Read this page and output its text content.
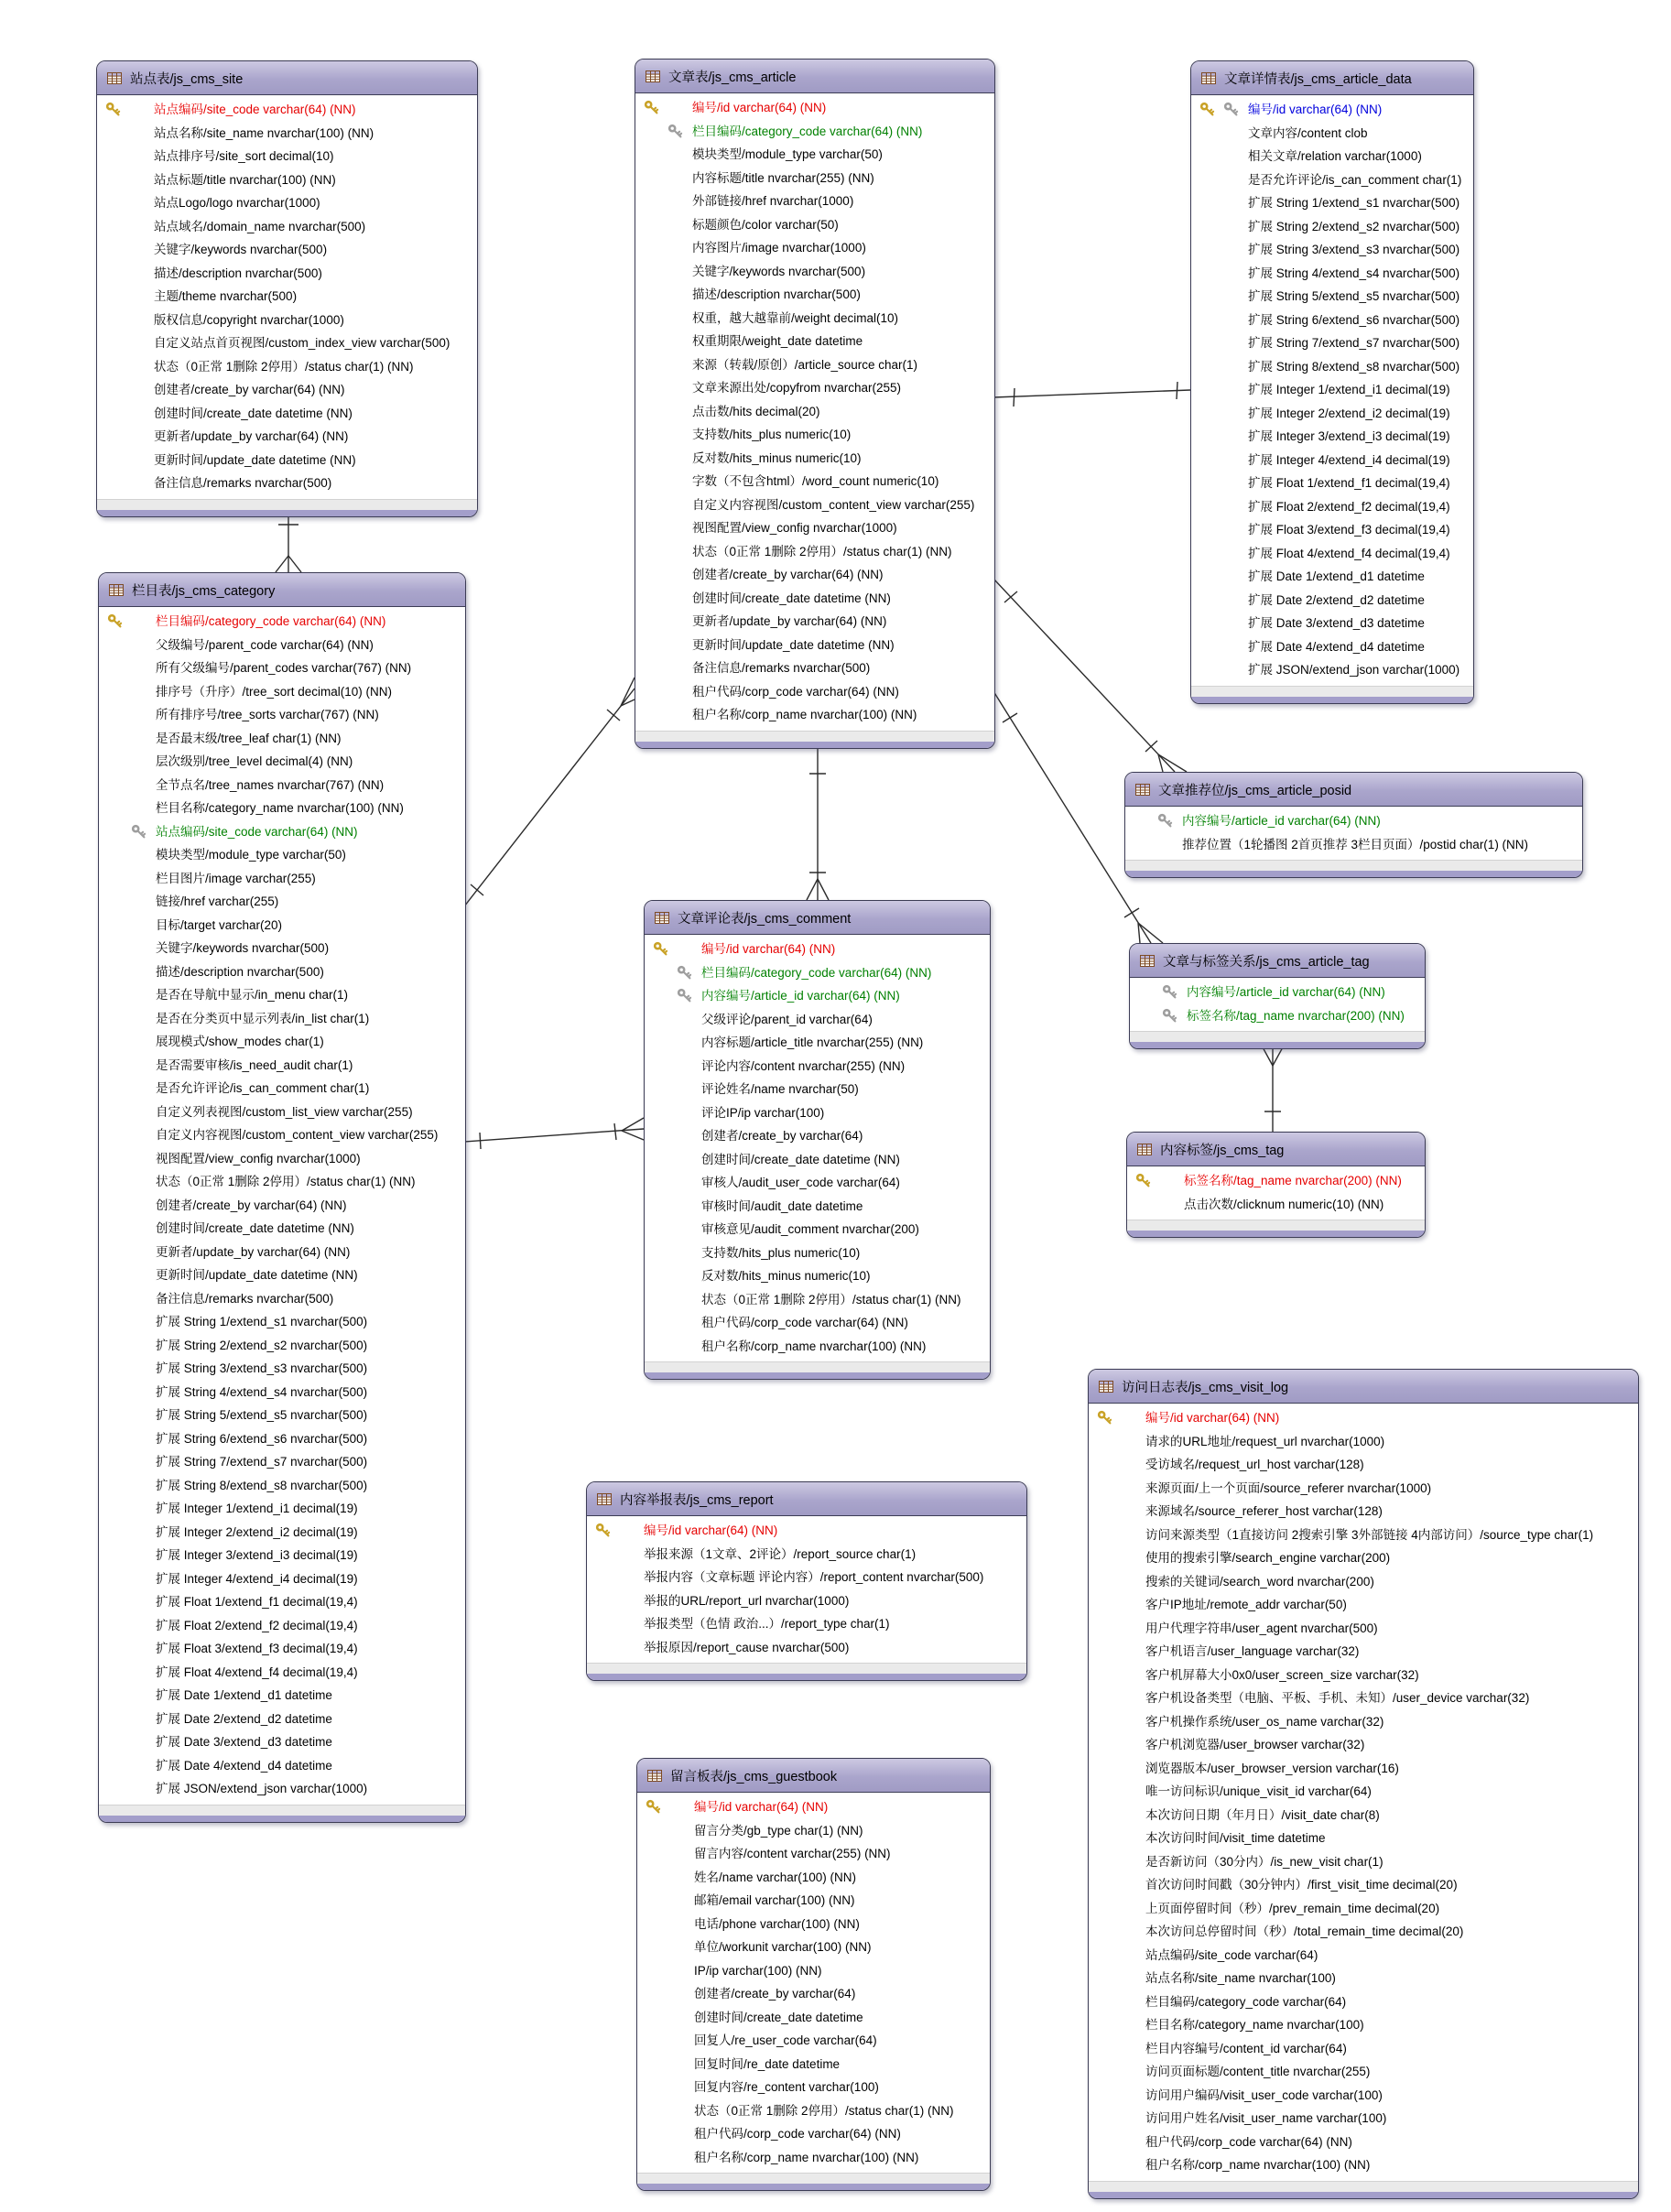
站点表/js_cms_site
站点编码/site_code varchar(64) (NN)
站点名称/site_name nvarchar(100) (NN)
站点排序号/site_sort decimal(10)
站点标题/title nvarchar(100) (NN)
站点Logo/logo nvarchar(1000)
站点域名/domain_name nvarchar(500)
关键字/keywords nvarchar(500)
描述/description nvarchar(500)
主题/theme nvarchar(500)
版权信息/copyright nvarchar(1000)
自定义站点首页视图/custom_index_view varchar(500)
状态（0正常 1删除 2停用）/status char(1) (NN)
创建者/create_by varchar(64) (NN)
创建时间/create_date datetime (NN)
更新者/update_by varchar(64) (NN)
更新时间/update_date datetime (NN)
备注信息/remarks nvarchar(500)
文章表/js_cms_article
编号/id varchar(64) (NN)
栏目编码/category_code varchar(64) (NN)
模块类型/module_type varchar(50)
内容标题/title nvarchar(255) (NN)
外部链接/href nvarchar(1000)
标题颜色/color varchar(50)
内容图片/image nvarchar(1000)
关键字/keywords nvarchar(500)
描述/description nvarchar(500)
权重，越大越靠前/weight decimal(10)
权重期限/weight_date datetime
来源（转载/原创）/article_source char(1)
文章来源出处/copyfrom nvarchar(255)
点击数/hits decimal(20)
支持数/hits_plus numeric(10)
反对数/hits_minus numeric(10)
字数（不包含html）/word_count numeric(10)
自定义内容视图/custom_content_view varchar(255)
视图配置/view_config nvarchar(1000)
状态（0正常 1删除 2停用）/status char(1) (NN)
创建者/create_by varchar(64) (NN)
创建时间/create_date datetime (NN)
更新者/update_by varchar(64) (NN)
更新时间/update_date datetime (NN)
备注信息/remarks nvarchar(500)
租户代码/corp_code varchar(64) (NN)
租户名称/corp_name nvarchar(100) (NN)
文章详情表/js_cms_article_data
编号/id varchar(64) (NN)
文章内容/content clob
相关文章/relation varchar(1000)
是否允许评论/is_can_comment char(1)
扩展 String 1/extend_s1 nvarchar(500)
扩展 String 2/extend_s2 nvarchar(500)
扩展 String 3/extend_s3 nvarchar(500)
扩展 String 4/extend_s4 nvarchar(500)
扩展 String 5/extend_s5 nvarchar(500)
扩展 String 6/extend_s6 nvarchar(500)
扩展 String 7/extend_s7 nvarchar(500)
扩展 String 8/extend_s8 nvarchar(500)
扩展 Integer 1/extend_i1 decimal(19)
扩展 Integer 2/extend_i2 decimal(19)
扩展 Integer 3/extend_i3 decimal(19)
扩展 Integer 4/extend_i4 decimal(19)
扩展 Float 1/extend_f1 decimal(19,4)
扩展 Float 2/extend_f2 decimal(19,4)
扩展 Float 3/extend_f3 decimal(19,4)
扩展 Float 4/extend_f4 decimal(19,4)
扩展 Date 1/extend_d1 datetime
扩展 Date 2/extend_d2 datetime
扩展 Date 3/extend_d3 datetime
扩展 Date 4/extend_d4 datetime
扩展 JSON/extend_json varchar(1000)
栏目表/js_cms_category
栏目编码/category_code varchar(64) (NN)
父级编号/parent_code varchar(64) (NN)
所有父级编号/parent_codes varchar(767) (NN)
排序号（升序）/tree_sort decimal(10) (NN)
所有排序号/tree_sorts varchar(767) (NN)
是否最末级/tree_leaf char(1) (NN)
层次级别/tree_level decimal(4) (NN)
全节点名/tree_names nvarchar(767) (NN)
栏目名称/category_name nvarchar(100) (NN)
站点编码/site_code varchar(64) (NN)
模块类型/module_type varchar(50)
栏目图片/image varchar(255)
链接/href varchar(255)
目标/target varchar(20)
关键字/keywords nvarchar(500)
描述/description nvarchar(500)
是否在导航中显示/in_menu char(1)
是否在分类页中显示列表/in_list char(1)
展现模式/show_modes char(1)
是否需要审核/is_need_audit char(1)
是否允许评论/is_can_comment char(1)
自定义列表视图/custom_list_view varchar(255)
自定义内容视图/custom_content_view varchar(255)
视图配置/view_config nvarchar(1000)
状态（0正常 1删除 2停用）/status char(1) (NN)
创建者/create_by varchar(64) (NN)
创建时间/create_date datetime (NN)
更新者/update_by varchar(64) (NN)
更新时间/update_date datetime (NN)
备注信息/remarks nvarchar(500)
扩展 String 1/extend_s1 nvarchar(500)
扩展 String 2/extend_s2 nvarchar(500)
扩展 String 3/extend_s3 nvarchar(500)
扩展 String 4/extend_s4 nvarchar(500)
扩展 String 5/extend_s5 nvarchar(500)
扩展 String 6/extend_s6 nvarchar(500)
扩展 String 7/extend_s7 nvarchar(500)
扩展 String 8/extend_s8 nvarchar(500)
扩展 Integer 1/extend_i1 decimal(19)
扩展 Integer 2/extend_i2 decimal(19)
扩展 Integer 3/extend_i3 decimal(19)
扩展 Integer 4/extend_i4 decimal(19)
扩展 Float 1/extend_f1 decimal(19,4)
扩展 Float 2/extend_f2 decimal(19,4)
扩展 Float 3/extend_f3 decimal(19,4)
扩展 Float 4/extend_f4 decimal(19,4)
扩展 Date 1/extend_d1 datetime
扩展 Date 2/extend_d2 datetime
扩展 Date 3/extend_d3 datetime
扩展 Date 4/extend_d4 datetime
扩展 JSON/extend_json varchar(1000)
文章推荐位/js_cms_article_posid
内容编号/article_id varchar(64) (NN)
推荐位置（1轮播图 2首页推荐 3栏目页面）/postid char(1) (NN)
文章与标签关系/js_cms_article_tag
内容编号/article_id varchar(64) (NN)
标签名称/tag_name nvarchar(200) (NN)
内容标签/js_cms_tag
标签名称/tag_name nvarchar(200) (NN)
点击次数/clicknum numeric(10) (NN)
文章评论表/js_cms_comment
编号/id varchar(64) (NN)
栏目编码/category_code varchar(64) (NN)
内容编号/article_id varchar(64) (NN)
父级评论/parent_id varchar(64)
内容标题/article_title nvarchar(255) (NN)
评论内容/content nvarchar(255) (NN)
评论姓名/name nvarchar(50)
评论IP/ip varchar(100)
创建者/create_by varchar(64)
创建时间/create_date datetime (NN)
审核人/audit_user_code varchar(64)
审核时间/audit_date datetime
审核意见/audit_comment nvarchar(200)
支持数/hits_plus numeric(10)
反对数/hits_minus numeric(10)
状态（0正常 1删除 2停用）/status char(1) (NN)
租户代码/corp_code varchar(64) (NN)
租户名称/corp_name nvarchar(100) (NN)
内容举报表/js_cms_report
编号/id varchar(64) (NN)
举报来源（1文章、2评论）/report_source char(1)
举报内容（文章标题 评论内容）/report_content nvarchar(500)
举报的URL/report_url nvarchar(1000)
举报类型（色情 政治...）/report_type char(1)
举报原因/report_cause nvarchar(500)
留言板表/js_cms_guestbook
编号/id varchar(64) (NN)
留言分类/gb_type char(1) (NN)
留言内容/content varchar(255) (NN)
姓名/name varchar(100) (NN)
邮箱/email varchar(100) (NN)
电话/phone varchar(100) (NN)
单位/workunit varchar(100) (NN)
IP/ip varchar(100) (NN)
创建者/create_by varchar(64)
创建时间/create_date datetime
回复人/re_user_code varchar(64)
回复时间/re_date datetime
回复内容/re_content varchar(100)
状态（0正常 1删除 2停用）/status char(1) (NN)
租户代码/corp_code varchar(64) (NN)
租户名称/corp_name nvarchar(100) (NN)
访问日志表/js_cms_visit_log
编号/id varchar(64) (NN)
请求的URL地址/request_url nvarchar(1000)
受访域名/request_url_host varchar(128)
来源页面/上一个页面/source_referer nvarchar(1000)
来源域名/source_referer_host varchar(128)
访问来源类型（1直接访问 2搜索引擎 3外部链接 4内部访问）/source_type char(1)
使用的搜索引擎/search_engine varchar(200)
搜索的关键词/search_word nvarchar(200)
客户IP地址/remote_addr varchar(50)
用户代理字符串/user_agent nvarchar(500)
客户机语言/user_language varchar(32)
客户机屏幕大小0x0/user_screen_size varchar(32)
客户机设备类型（电脑、平板、手机、未知）/user_device varchar(32)
客户机操作系统/user_os_name varchar(32)
客户机浏览器/user_browser varchar(32)
浏览器版本/user_browser_version varchar(16)
唯一访问标识/unique_visit_id varchar(64)
本次访问日期（年月日）/visit_date char(8)
本次访问时间/visit_time datetime
是否新访问（30分内）/is_new_visit char(1)
首次访问时间戳（30分钟内）/first_visit_time decimal(20)
上页面停留时间（秒）/prev_remain_time decimal(20)
本次访问总停留时间（秒）/total_remain_time decimal(20)
站点编码/site_code varchar(64)
站点名称/site_name nvarchar(100)
栏目编码/category_code varchar(64)
栏目名称/category_name nvarchar(100)
栏目内容编号/content_id varchar(64)
访问页面标题/content_title nvarchar(255)
访问用户编码/visit_user_code varchar(100)
访问用户姓名/visit_user_name varchar(100)
租户代码/corp_code varchar(64) (NN)
租户名称/corp_name nvarchar(100) (NN)
